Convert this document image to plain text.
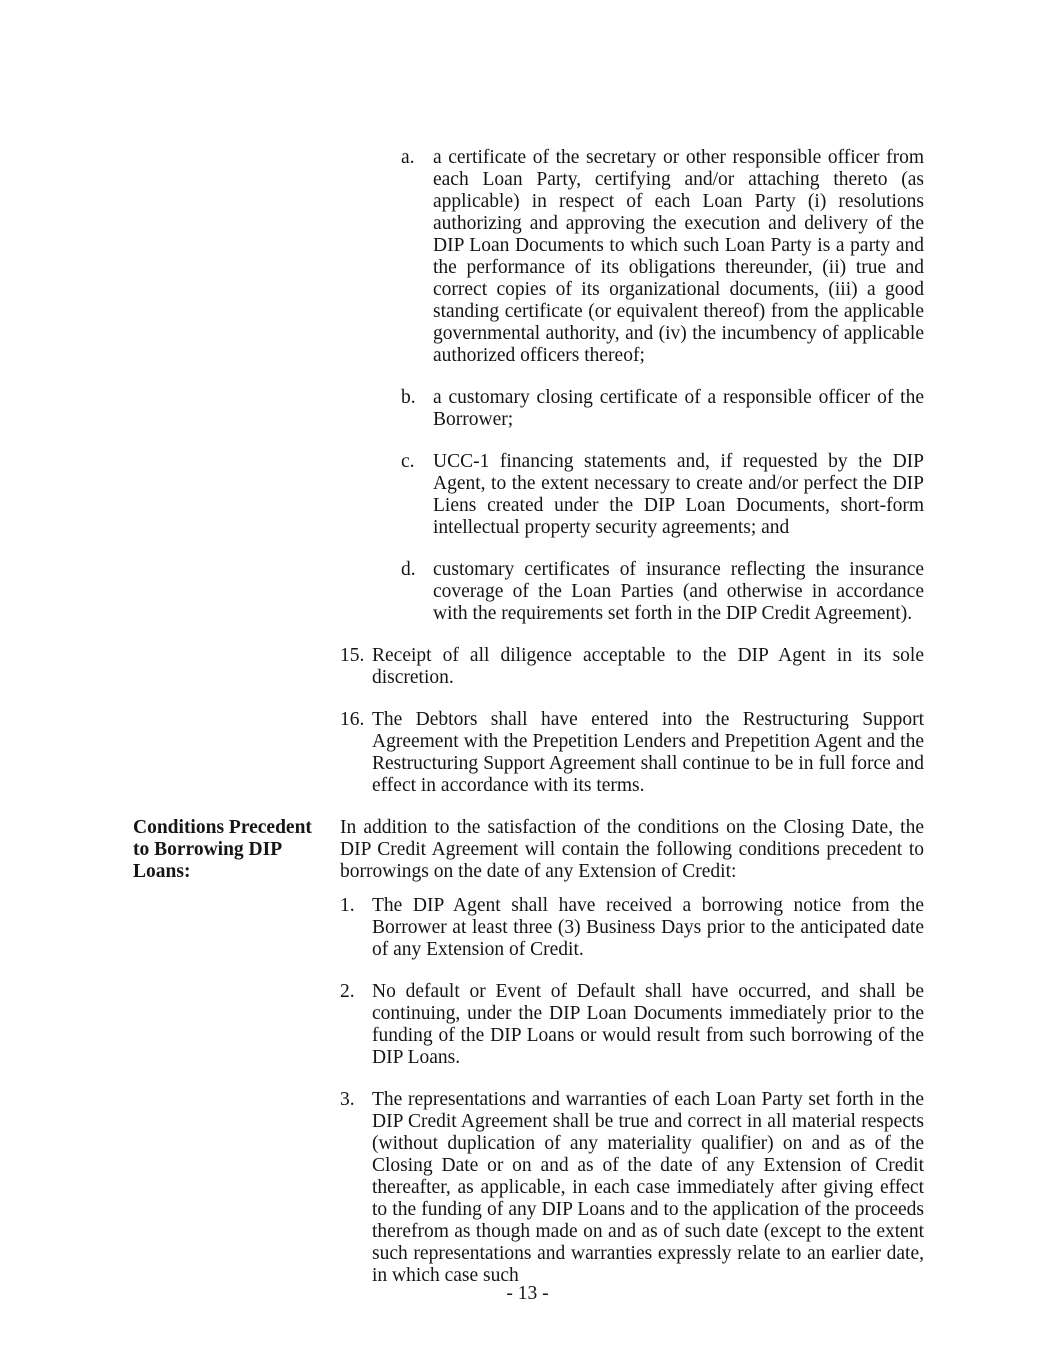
a. a certificate of the secretary or other responsible officer from each Loan Party, certifying and/or attaching thereto (as applicable) in respect of each Loan Party (i) resolutions authorizing and approving the execution and delivery of the DIP Loan Documents to which such Loan Party is a party and the performance of its obligations thereunder, (ii) true and correct copies of its organizational documents, (iii) a good standing certificate (or equivalent thereof) from the applicable governmental authority, and (iv) the incumbency of applicable authorized officers thereof;
b. a customary closing certificate of a responsible officer of the Borrower;
c. UCC-1 financing statements and, if requested by the DIP Agent, to the extent necessary to create and/or perfect the DIP Liens created under the DIP Loan Documents, short-form intellectual property security agreements; and
d. customary certificates of insurance reflecting the insurance coverage of the Loan Parties (and otherwise in accordance with the requirements set forth in the DIP Credit Agreement).
15. Receipt of all diligence acceptable to the DIP Agent in its sole discretion.
16. The Debtors shall have entered into the Restructuring Support Agreement with the Prepetition Lenders and Prepetition Agent and the Restructuring Support Agreement shall continue to be in full force and effect in accordance with its terms.
Conditions Precedent
to Borrowing DIP
Loans:

In addition to the satisfaction of the conditions on the Closing Date, the DIP Credit Agreement will contain the following conditions precedent to borrowings on the date of any Extension of Credit:

1. The DIP Agent shall have received a borrowing notice from the Borrower at least three (3) Business Days prior to the anticipated date of any Extension of Credit.
2. No default or Event of Default shall have occurred, and shall be continuing, under the DIP Loan Documents immediately prior to the funding of the DIP Loans or would result from such borrowing of the DIP Loans.
3. The representations and warranties of each Loan Party set forth in the DIP Credit Agreement shall be true and correct in all material respects (without duplication of any materiality qualifier) on and as of the Closing Date or on and as of the date of any Extension of Credit thereafter, as applicable, in each case immediately after giving effect to the funding of any DIP Loans and to the application of the proceeds therefrom as though made on and as of such date (except to the extent such representations and warranties expressly relate to an earlier date, in which case such
- 13 -
